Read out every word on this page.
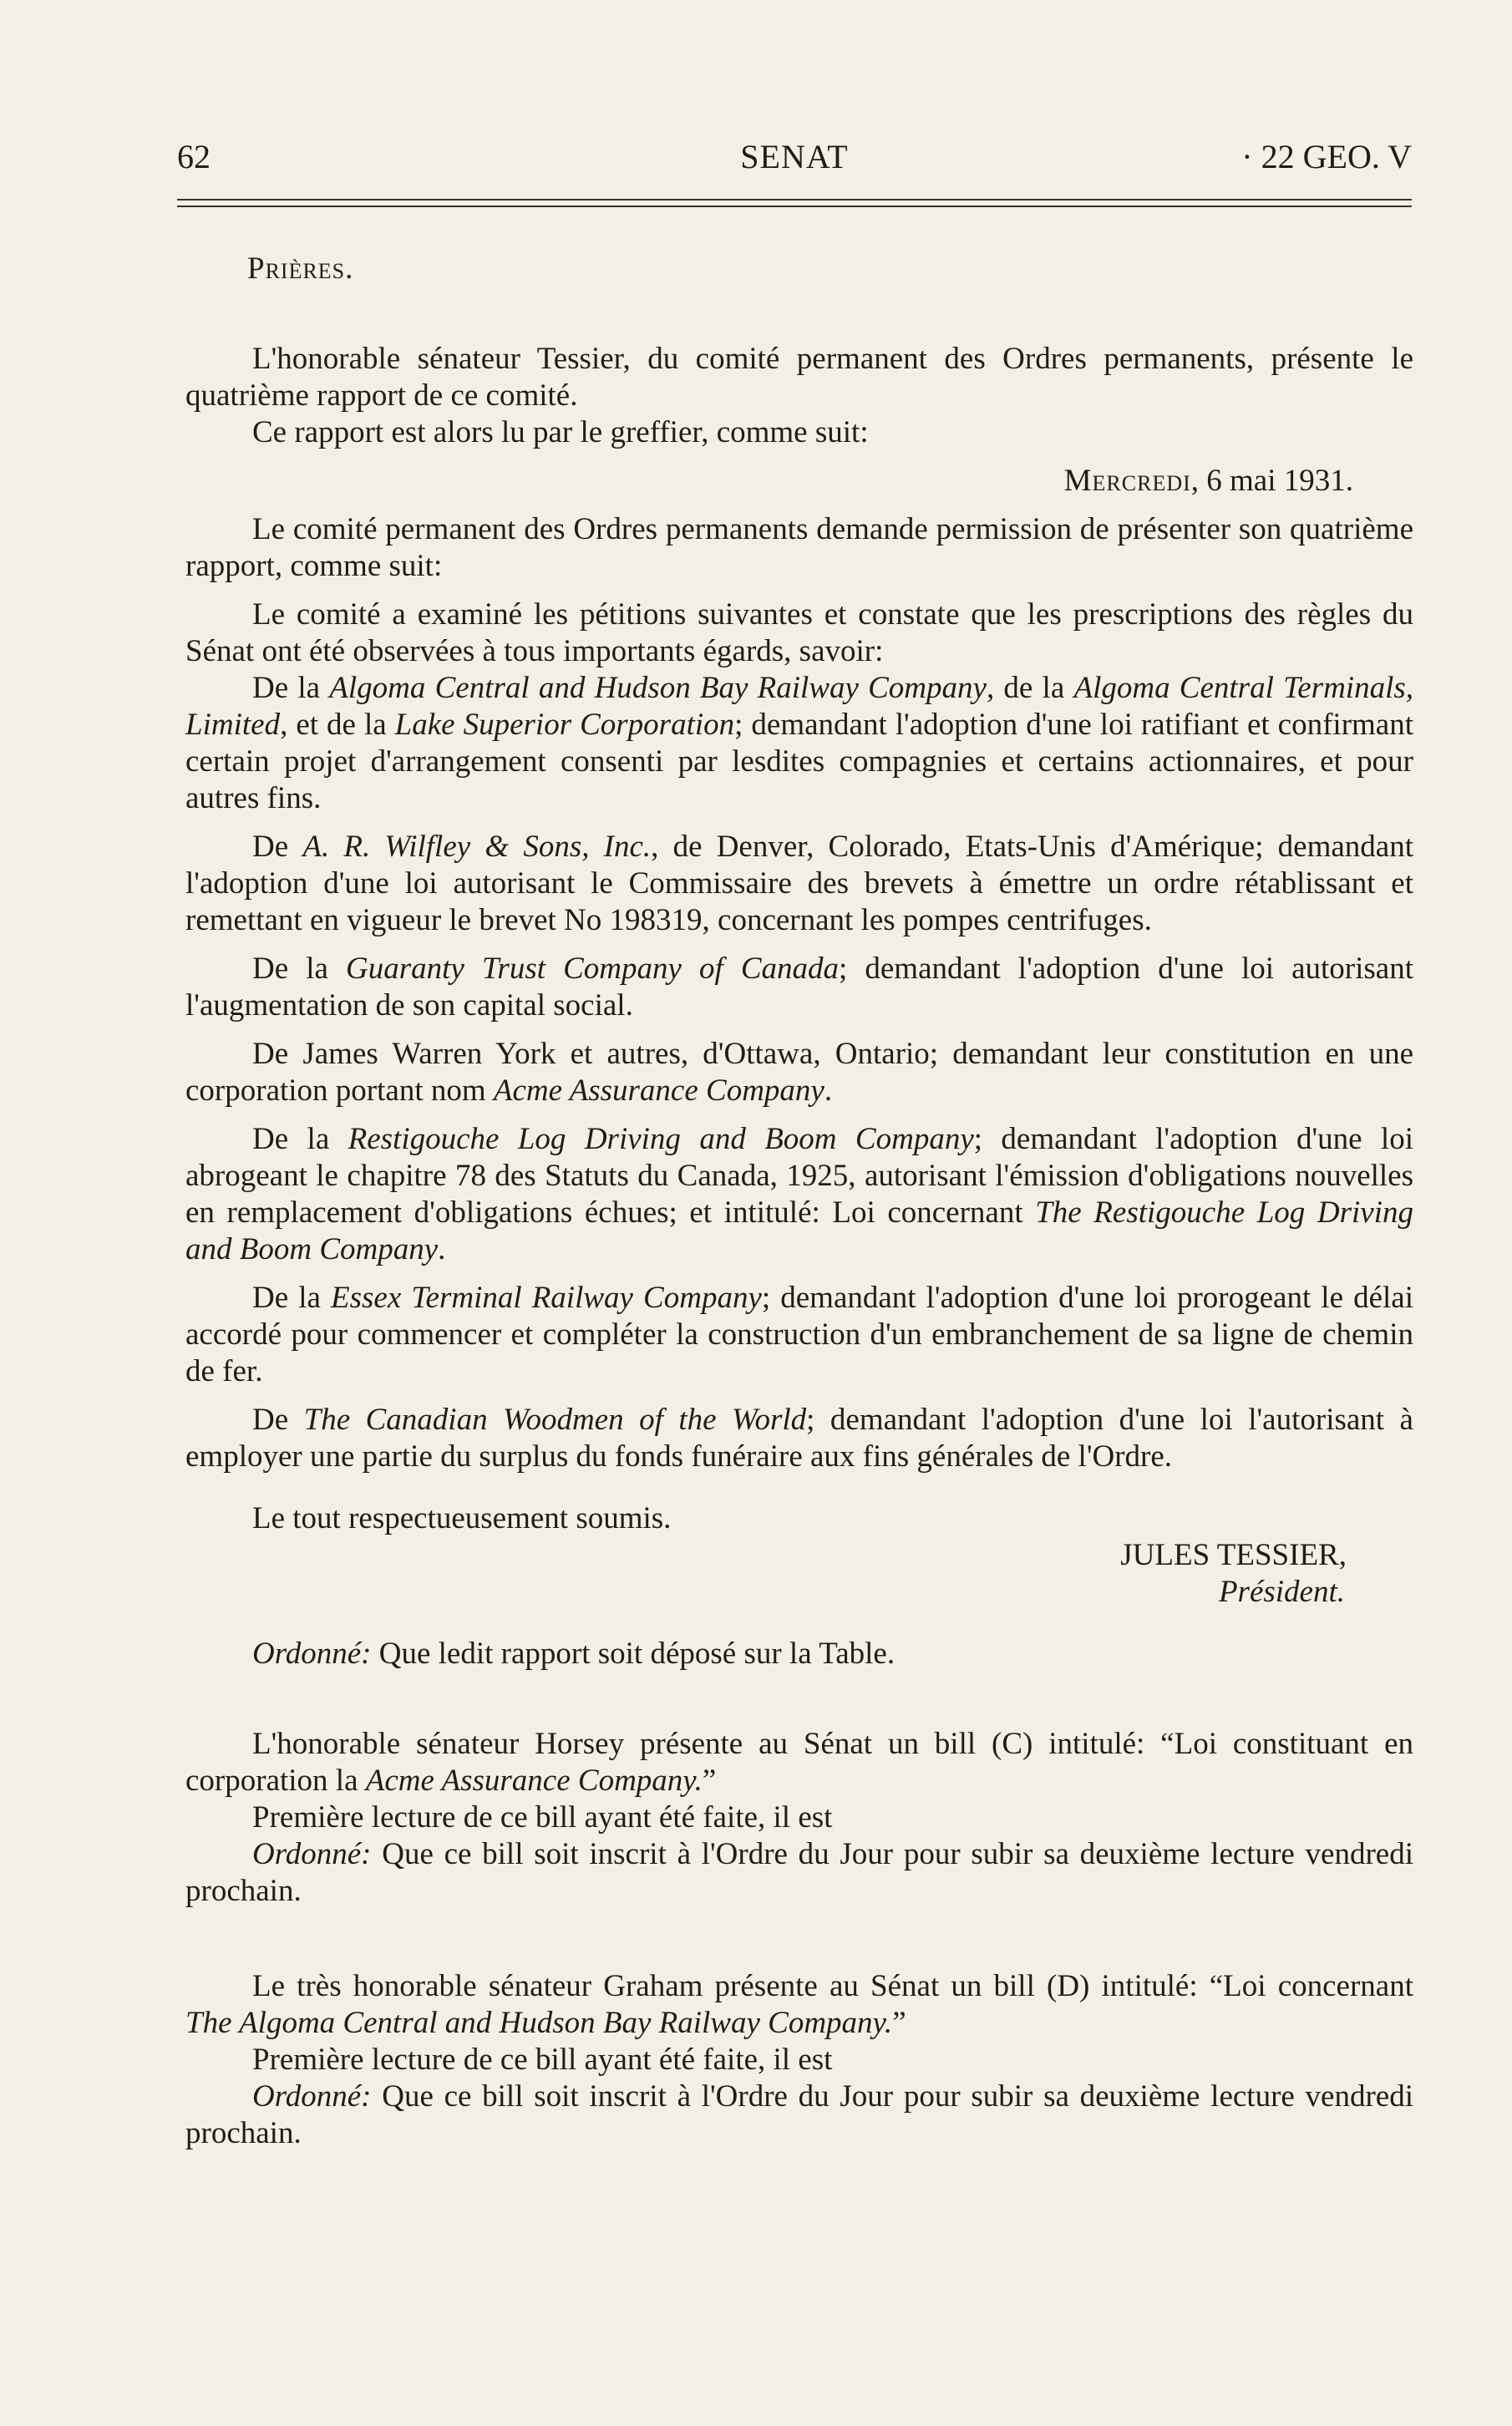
62	SENAT	· 22 GEO. V

Prières.

L'honorable sénateur Tessier, du comité permanent des Ordres permanents, présente le quatrième rapport de ce comité.

Ce rapport est alors lu par le greffier, comme suit:

Mercredi, 6 mai 1931.

Le comité permanent des Ordres permanents demande permission de présenter son quatrième rapport, comme suit:

Le comité a examiné les pétitions suivantes et constate que les prescriptions des règles du Sénat ont été observées à tous importants égards, savoir:

De la Algoma Central and Hudson Bay Railway Company, de la Algoma Central Terminals, Limited, et de la Lake Superior Corporation; demandant l'adoption d'une loi ratifiant et confirmant certain projet d'arrangement consenti par lesdites compagnies et certains actionnaires, et pour autres fins.

De A. R. Wilfley & Sons, Inc., de Denver, Colorado, Etats-Unis d'Amérique; demandant l'adoption d'une loi autorisant le Commissaire des brevets à émettre un ordre rétablissant et remettant en vigueur le brevet No 198319, concernant les pompes centrifuges.

De la Guaranty Trust Company of Canada; demandant l'adoption d'une loi autorisant l'augmentation de son capital social.

De James Warren York et autres, d'Ottawa, Ontario; demandant leur constitution en une corporation portant nom Acme Assurance Company.

De la Restigouche Log Driving and Boom Company; demandant l'adoption d'une loi abrogeant le chapitre 78 des Statuts du Canada, 1925, autorisant l'émission d'obligations nouvelles en remplacement d'obligations échues; et intitulé: Loi concernant The Restigouche Log Driving and Boom Company.

De la Essex Terminal Railway Company; demandant l'adoption d'une loi prorogeant le délai accordé pour commencer et compléter la construction d'un embranchement de sa ligne de chemin de fer.

De The Canadian Woodmen of the World; demandant l'adoption d'une loi l'autorisant à employer une partie du surplus du fonds funéraire aux fins générales de l'Ordre.

Le tout respectueusement soumis.

JULES TESSIER,

Président.

Ordonné: Que ledit rapport soit déposé sur la Table.

L'honorable sénateur Horsey présente au Sénat un bill (C) intitulé: “Loi constituant en corporation la Acme Assurance Company.”

Première lecture de ce bill ayant été faite, il est

Ordonné: Que ce bill soit inscrit à l'Ordre du Jour pour subir sa deuxième lecture vendredi prochain.

Le très honorable sénateur Graham présente au Sénat un bill (D) intitulé: “Loi concernant The Algoma Central and Hudson Bay Railway Company.”

Première lecture de ce bill ayant été faite, il est

Ordonné: Que ce bill soit inscrit à l'Ordre du Jour pour subir sa deuxième lecture vendredi prochain.
